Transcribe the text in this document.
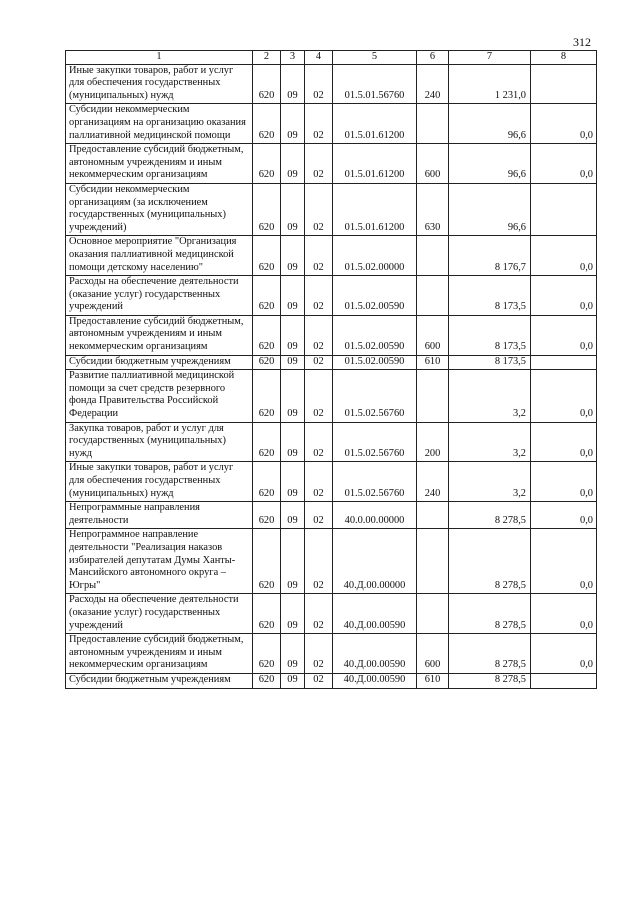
312
1	2	3	4	5	6	7	8
Иные закупки товаров, работ и услуг для обеспечения государственных (муниципальных) нужд	620	09	02	01.5.01.56760	240	1 231,0	
Субсидии некоммерческим организациям на организацию оказания паллиативной медицинской помощи	620	09	02	01.5.01.61200		96,6	0,0
Предоставление субсидий бюджетным, автономным учреждениям и иным некоммерческим организациям	620	09	02	01.5.01.61200	600	96,6	0,0
Субсидии некоммерческим организациям (за исключением государственных (муниципальных) учреждений)	620	09	02	01.5.01.61200	630	96,6	
Основное мероприятие "Организация оказания паллиативной медицинской помощи детскому населению"	620	09	02	01.5.02.00000		8 176,7	0,0
Расходы на обеспечение деятельности (оказание услуг) государственных учреждений	620	09	02	01.5.02.00590		8 173,5	0,0
Предоставление субсидий бюджетным, автономным учреждениям и иным некоммерческим организациям	620	09	02	01.5.02.00590	600	8 173,5	0,0
Субсидии бюджетным учреждениям	620	09	02	01.5.02.00590	610	8 173,5	
Развитие паллиативной медицинской помощи за счет средств резервного фонда Правительства Российской Федерации	620	09	02	01.5.02.56760		3,2	0,0
Закупка товаров, работ и услуг для государственных (муниципальных) нужд	620	09	02	01.5.02.56760	200	3,2	0,0
Иные закупки товаров, работ и услуг для обеспечения государственных (муниципальных) нужд	620	09	02	01.5.02.56760	240	3,2	0,0
Непрограммные направления деятельности	620	09	02	40.0.00.00000		8 278,5	0,0
Непрограммное направление деятельности "Реализация наказов избирателей депутатам Думы Ханты-Мансийского автономного округа – Югры"	620	09	02	40.Д.00.00000		8 278,5	0,0
Расходы на обеспечение деятельности (оказание услуг) государственных учреждений	620	09	02	40.Д.00.00590		8 278,5	0,0
Предоставление субсидий бюджетным, автономным учреждениям и иным некоммерческим организациям	620	09	02	40.Д.00.00590	600	8 278,5	0,0
Субсидии бюджетным учреждениям	620	09	02	40.Д.00.00590	610	8 278,5	
